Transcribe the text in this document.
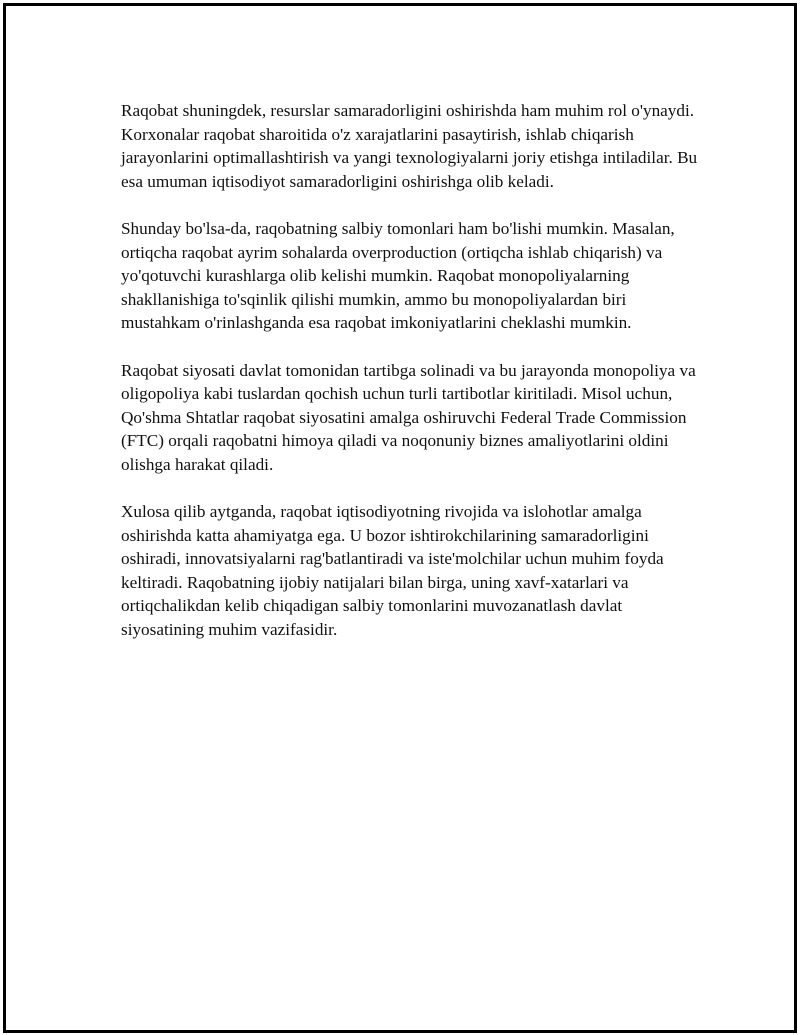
Raqobat shuningdek, resurslar samaradorligini oshirishda ham muhim rol o'ynaydi. Korxonalar raqobat sharoitida o'z xarajatlarini pasaytirish, ishlab chiqarish jarayonlarini optimallashtirish va yangi texnologiyalarni joriy etishga intiladilar. Bu esa umuman iqtisodiyot samaradorligini oshirishga olib keladi.

Shunday bo'lsa-da, raqobatning salbiy tomonlari ham bo'lishi mumkin. Masalan, ortiqcha raqobat ayrim sohalarda overproduction (ortiqcha ishlab chiqarish) va yo'qotuvchi kurashlarga olib kelishi mumkin. Raqobat monopoliyalarning shakllanishiga to'sqinlik qilishi mumkin, ammo bu monopoliyalardan biri mustahkam o'rinlashganda esa raqobat imkoniyatlarini cheklashi mumkin.

Raqobat siyosati davlat tomonidan tartibga solinadi va bu jarayonda monopoliya va oligopoliya kabi tuslardan qochish uchun turli tartibotlar kiritiladi. Misol uchun, Qo'shma Shtatlar raqobat siyosatini amalga oshiruvchi Federal Trade Commission (FTC) orqali raqobatni himoya qiladi va noqonuniy biznes amaliyotlarini oldini olishga harakat qiladi.

Xulosa qilib aytganda, raqobat iqtisodiyotning rivojida va islohotlar amalga oshirishda katta ahamiyatga ega. U bozor ishtirokchilarining samaradorligini oshiradi, innovatsiyalarni rag'batlantiradi va iste'molchilar uchun muhim foyda keltiradi. Raqobatning ijobiy natijalari bilan birga, uning xavf-xatarlari va ortiqchalikdan kelib chiqadigan salbiy tomonlarini muvozanatlash davlat siyosatining muhim vazifasidir.
